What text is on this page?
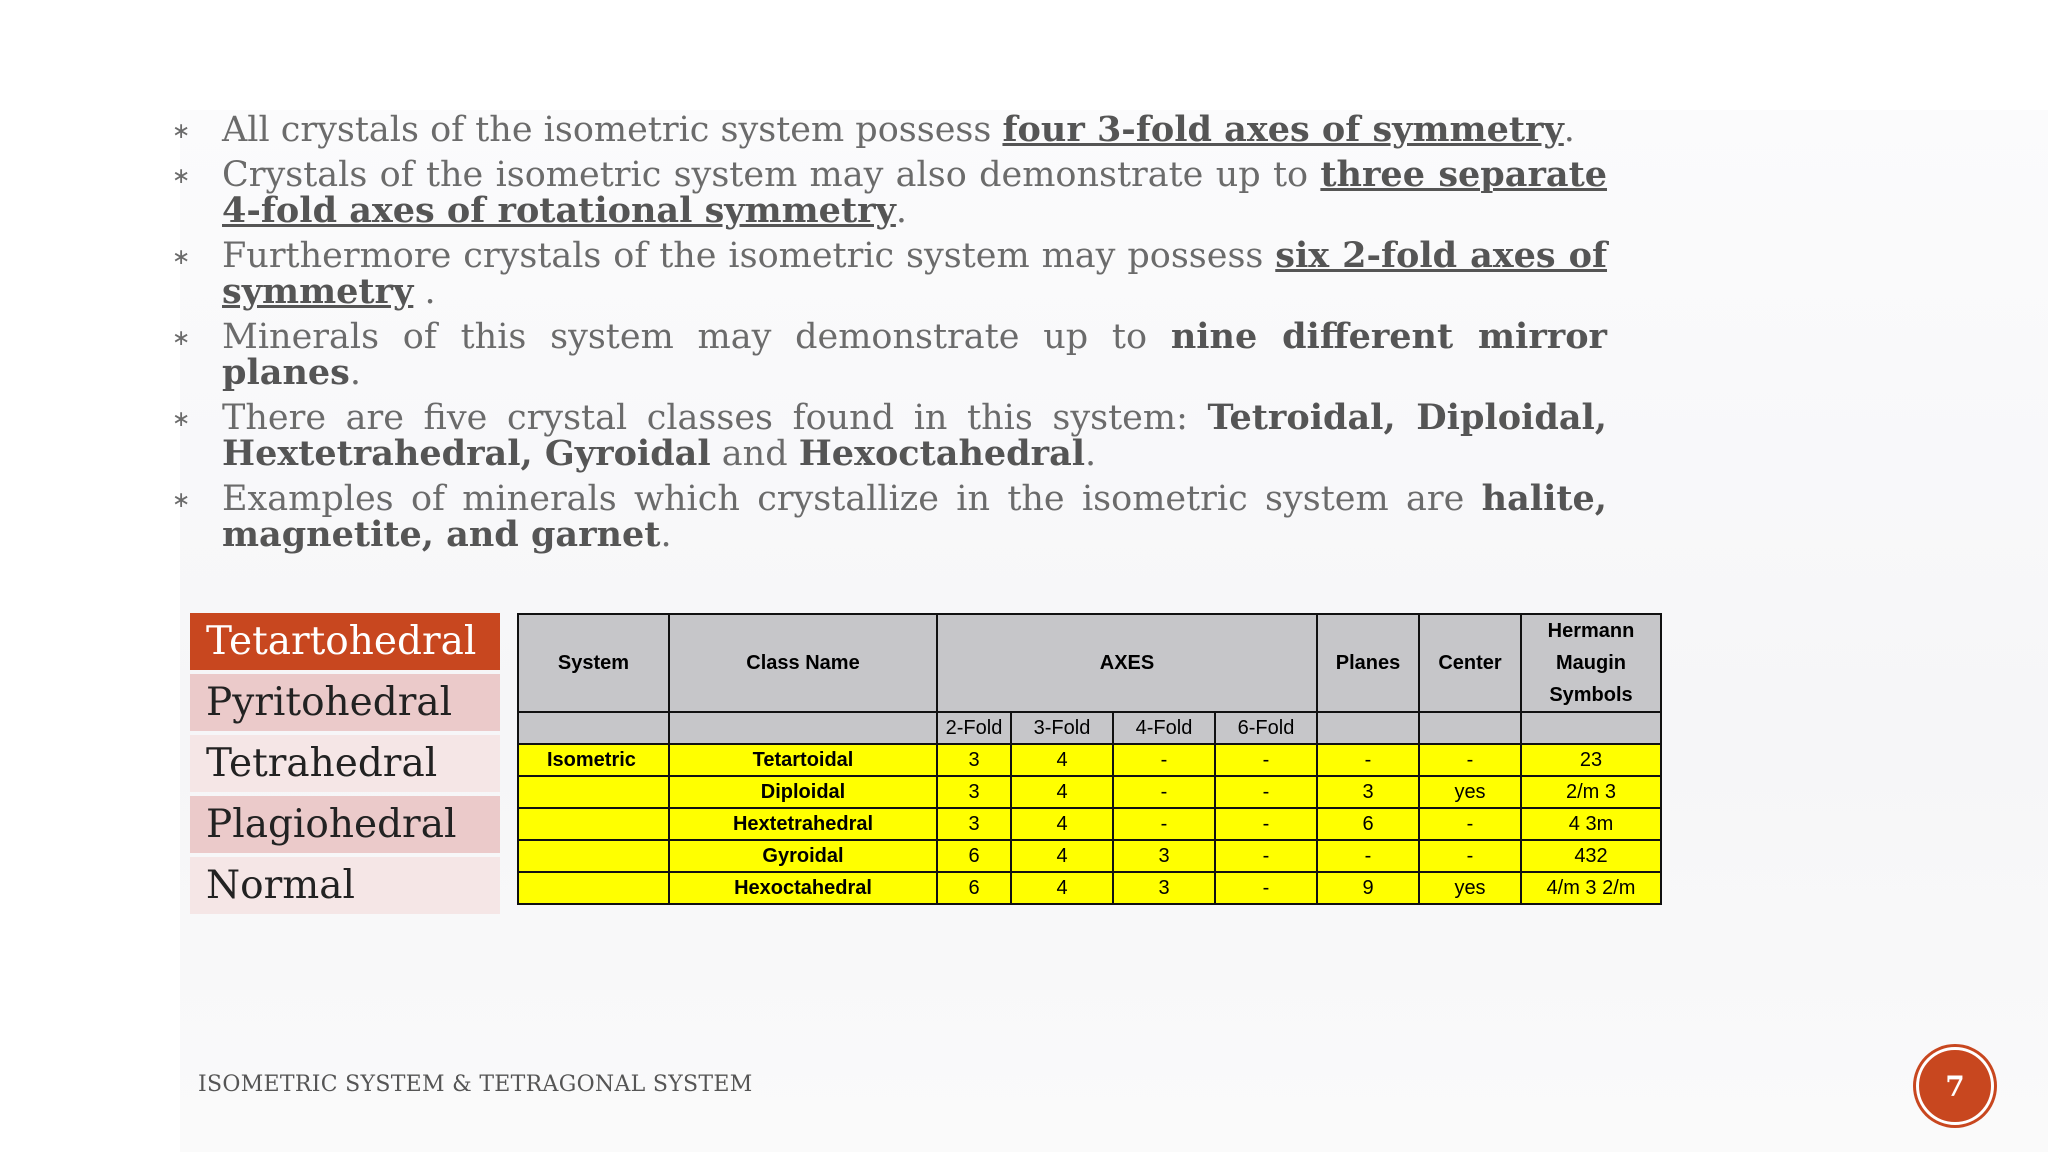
∗ All crystals of the isometric system possess four 3-fold axes of symmetry.
∗ Crystals of the isometric system may also demonstrate up to three separate 4-fold axes of rotational symmetry.
∗ Furthermore crystals of the isometric system may possess six 2-fold axes of symmetry .
∗ Minerals of this system may demonstrate up to nine different mirror planes.
∗ There are five crystal classes found in this system: Tetroidal, Diploidal, Hextetrahedral, Gyroidal and Hexoctahedral.
∗ Examples of minerals which crystallize in the isometric system are halite, magnetite, and garnet.
Tetartohedral
Pyritohedral
Tetrahedral
Plagiohedral
Normal
System	Class Name	AXES				Planes	Center	Hermann Maugin Symbols
		2-Fold	3-Fold	4-Fold	6-Fold			
Isometric	Tetartoidal	3	4	-	-	-	-	23
	Diploidal	3	4	-	-	3	yes	2/m 3
	Hextetrahedral	3	4	-	-	6	-	4 3m
	Gyroidal	6	4	3	-	-	-	432
	Hexoctahedral	6	4	3	-	9	yes	4/m 3 2/m
ISOMETRIC SYSTEM & TETRAGONAL SYSTEM	7
